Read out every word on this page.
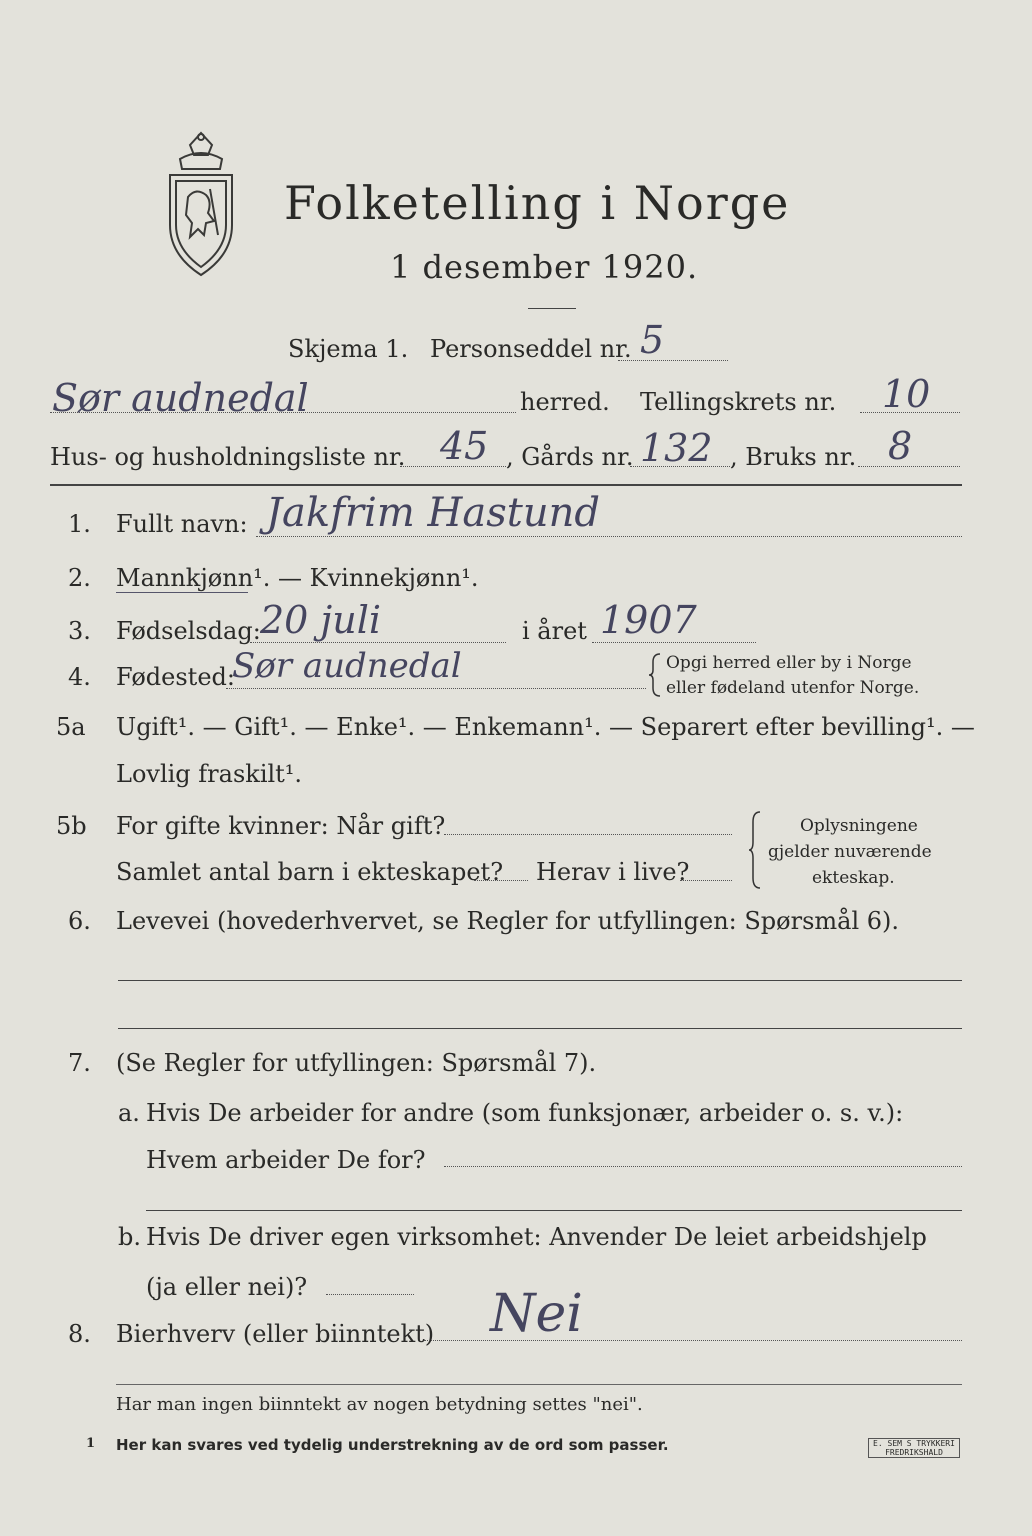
Folketelling i Norge
1 desember 1920.
Skjema 1. Personseddel nr. 5
Sør audnedal	herred. Tellingskrets nr. 10
Hus- og husholdningsliste nr. 45 , Gårds nr. 132 , Bruks nr. 8
1. Fullt navn: Jakfrim Hastund
2. Mannkjønn¹. — Kvinnekjønn¹.
3. Fødselsdag: 20 juli	i året 1907
4. Fødested:
Sør audnedal	Opgi herred eller by i Norge
eller fødeland utenfor Norge.
5a Ugift¹. — Gift¹. — Enke¹. — Enkemann¹. — Separert efter bevilling¹. —
Lovlig fraskilt¹.
5b For gifte kvinner: Når gift?
Samlet antal barn i ekteskapet? Herav i live?
Oplysningene
gjelder nuværende
ekteskap.
6. Levevei (hovederhvervet, se Regler for utfyllingen: Spørsmål 6).
7. (Se Regler for utfyllingen: Spørsmål 7).
a. Hvis De arbeider for andre (som funksjonær, arbeider o. s. v.):
Hvem arbeider De for?
b. Hvis De driver egen virksomhet: Anvender De leiet arbeidshjelp
(ja eller nei)?
8. Bierhverv (eller biinntekt) Nei
Har man ingen biinntekt av nogen betydning settes "nei".
1 Her kan svares ved tydelig understrekning av de ord som passer.	E. SEM S TRYKKERI FREDRIKSHALD
